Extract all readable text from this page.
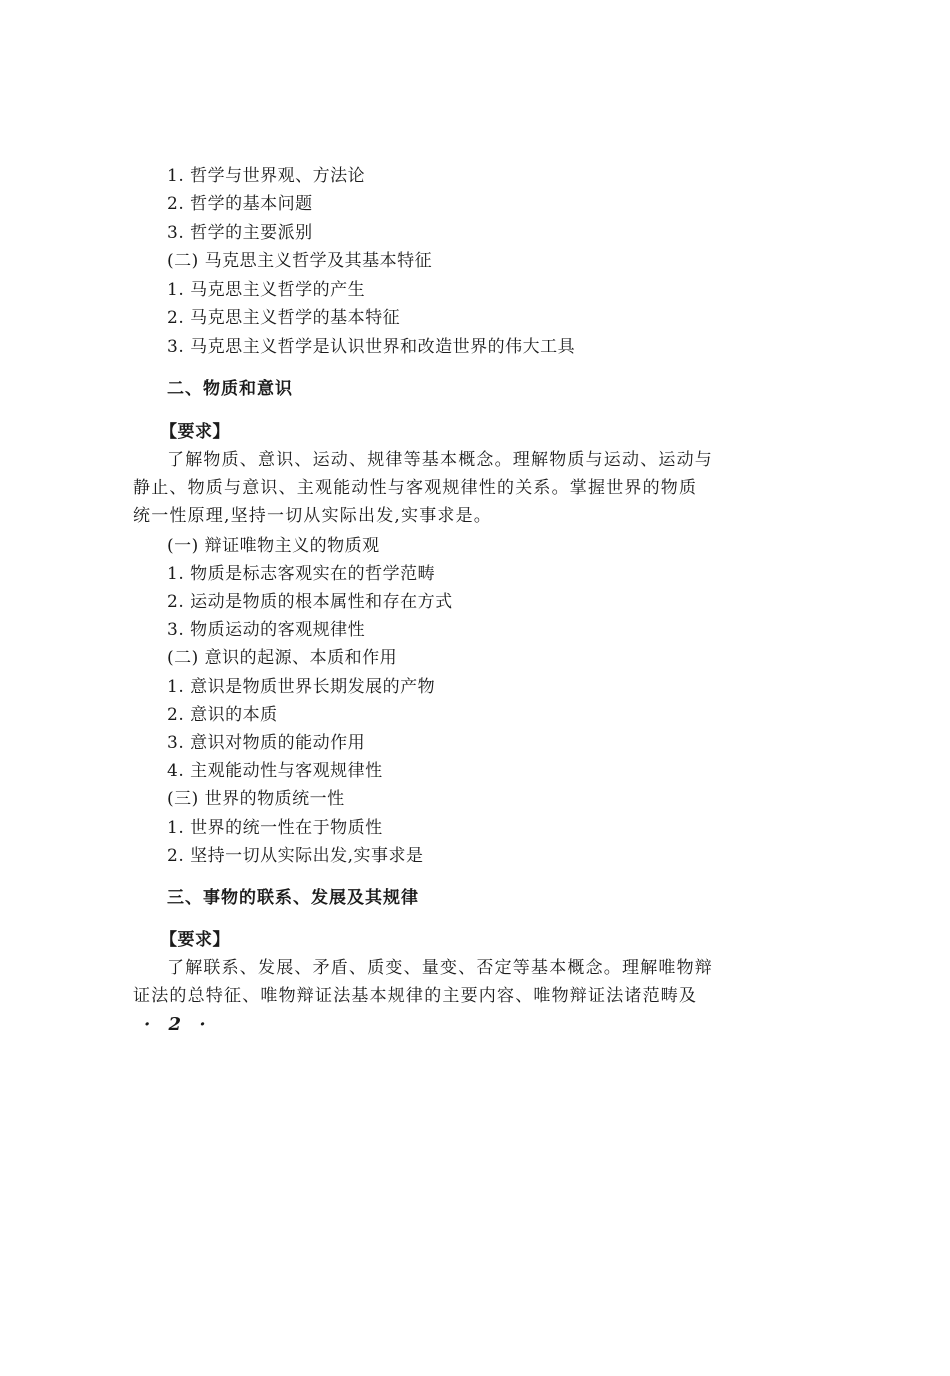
1. 哲学与世界观、方法论
2. 哲学的基本问题
3. 哲学的主要派别
(二) 马克思主义哲学及其基本特征
1. 马克思主义哲学的产生
2. 马克思主义哲学的基本特征
3. 马克思主义哲学是认识世界和改造世界的伟大工具
二、物质和意识
【要求】
了解物质、意识、运动、规律等基本概念。理解物质与运动、运动与
静止、物质与意识、主观能动性与客观规律性的关系。掌握世界的物质
统一性原理,坚持一切从实际出发,实事求是。
(一) 辩证唯物主义的物质观
1. 物质是标志客观实在的哲学范畴
2. 运动是物质的根本属性和存在方式
3. 物质运动的客观规律性
(二) 意识的起源、本质和作用
1. 意识是物质世界长期发展的产物
2. 意识的本质
3. 意识对物质的能动作用
4. 主观能动性与客观规律性
(三) 世界的物质统一性
1. 世界的统一性在于物质性
2. 坚持一切从实际出发,实事求是
三、事物的联系、发展及其规律
【要求】
了解联系、发展、矛盾、质变、量变、否定等基本概念。理解唯物辩
证法的总特征、唯物辩证法基本规律的主要内容、唯物辩证法诸范畴及
· 2 ·
